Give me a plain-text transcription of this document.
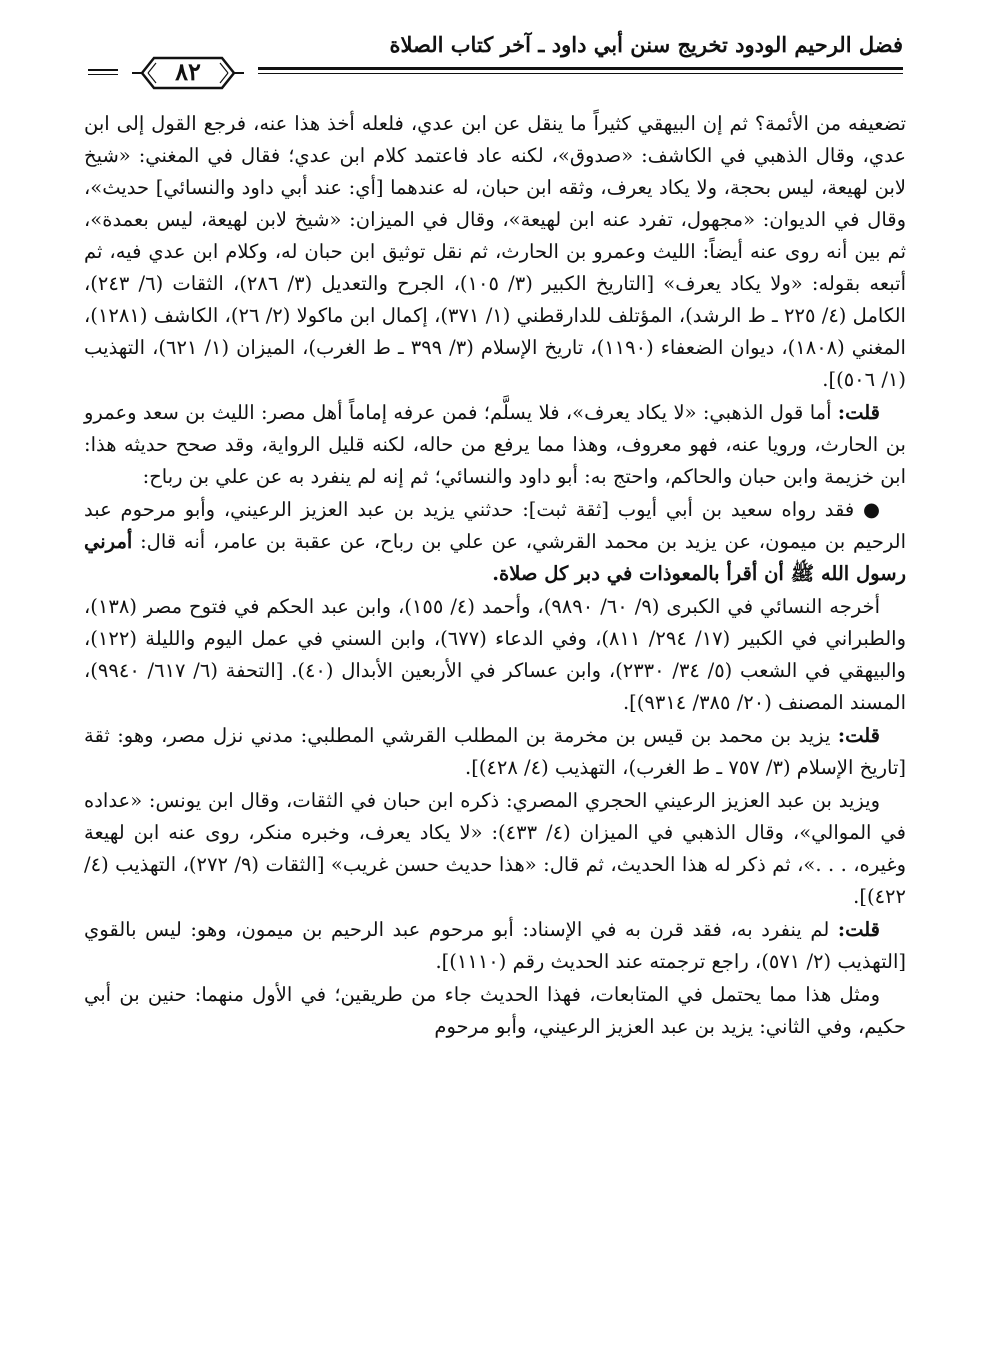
فضل الرحيم الودود تخريج سنن أبي داود ـ آخر كتاب الصلاة
٨٢

تضعيفه من الأئمة؟ ثم إن البيهقي كثيراً ما ينقل عن ابن عدي، فلعله أخذ هذا عنه، فرجع القول إلى ابن عدي، وقال الذهبي في الكاشف: «صدوق»، لكنه عاد فاعتمد كلام ابن عدي؛ فقال في المغني: «شيخ لابن لهيعة، ليس بحجة، ولا يكاد يعرف، وثقه ابن حبان، له عندهما [أي: عند أبي داود والنسائي] حديث»، وقال في الديوان: «مجهول، تفرد عنه ابن لهيعة»، وقال في الميزان: «شيخ لابن لهيعة، ليس بعمدة»، ثم بين أنه روى عنه أيضاً: الليث وعمرو بن الحارث، ثم نقل توثيق ابن حبان له، وكلام ابن عدي فيه، ثم أتبعه بقوله: «ولا يكاد يعرف» [التاريخ الكبير (٣/ ١٠٥)، الجرح والتعديل (٣/ ٢٨٦)، الثقات (٦/ ٢٤٣)، الكامل (٤/ ٢٢٥ ـ ط الرشد)، المؤتلف للدارقطني (١/ ٣٧١)، إكمال ابن ماكولا (٢/ ٢٦)، الكاشف (١٢٨١)، المغني (١٨٠٨)، ديوان الضعفاء (١١٩٠)، تاريخ الإسلام (٣/ ٣٩٩ ـ ط الغرب)، الميزان (١/ ٦٢١)، التهذيب (١/ ٥٠٦)].

قلت: أما قول الذهبي: «لا يكاد يعرف»، فلا يسلَّم؛ فمن عرفه إماماً أهل مصر: الليث بن سعد وعمرو بن الحارث، ورويا عنه، فهو معروف، وهذا مما يرفع من حاله، لكنه قليل الرواية، وقد صحح حديثه هذا: ابن خزيمة وابن حبان والحاكم، واحتج به: أبو داود والنسائي؛ ثم إنه لم ينفرد به عن علي بن رباح:

● فقد رواه سعيد بن أبي أيوب [ثقة ثبت]: حدثني يزيد بن عبد العزيز الرعيني، وأبو مرحوم عبد الرحيم بن ميمون، عن يزيد بن محمد القرشي، عن علي بن رباح، عن عقبة بن عامر، أنه قال: أمرني رسول الله ﷺ أن أقرأ بالمعوذات في دبر كل صلاة.

أخرجه النسائي في الكبرى (٩/ ٦٠/ ٩٨٩٠)، وأحمد (٤/ ١٥٥)، وابن عبد الحكم في فتوح مصر (١٣٨)، والطبراني في الكبير (١٧/ ٢٩٤/ ٨١١)، وفي الدعاء (٦٧٧)، وابن السني في عمل اليوم والليلة (١٢٢)، والبيهقي في الشعب (٥/ ٣٤/ ٢٣٣٠)، وابن عساكر في الأربعين الأبدال (٤٠). [التحفة (٦/ ٦١٧/ ٩٩٤٠)، المسند المصنف (٢٠/ ٣٨٥/ ٩٣١٤)].

قلت: يزيد بن محمد بن قيس بن مخرمة بن المطلب القرشي المطلبي: مدني نزل مصر، وهو: ثقة [تاريخ الإسلام (٣/ ٧٥٧ ـ ط الغرب)، التهذيب (٤/ ٤٢٨)].

ويزيد بن عبد العزيز الرعيني الحجري المصري: ذكره ابن حبان في الثقات، وقال ابن يونس: «عداده في الموالي»، وقال الذهبي في الميزان (٤/ ٤٣٣): «لا يكاد يعرف، وخبره منكر، روى عنه ابن لهيعة وغيره، . . .»، ثم ذكر له هذا الحديث، ثم قال: «هذا حديث حسن غريب» [الثقات (٩/ ٢٧٢)، التهذيب (٤/ ٤٢٢)].

قلت: لم ينفرد به، فقد قرن به في الإسناد: أبو مرحوم عبد الرحيم بن ميمون، وهو: ليس بالقوي [التهذيب (٢/ ٥٧١)، راجع ترجمته عند الحديث رقم (١١١٠)].

ومثل هذا مما يحتمل في المتابعات، فهذا الحديث جاء من طريقين؛ في الأول منهما: حنين بن أبي حكيم، وفي الثاني: يزيد بن عبد العزيز الرعيني، وأبو مرحوم
